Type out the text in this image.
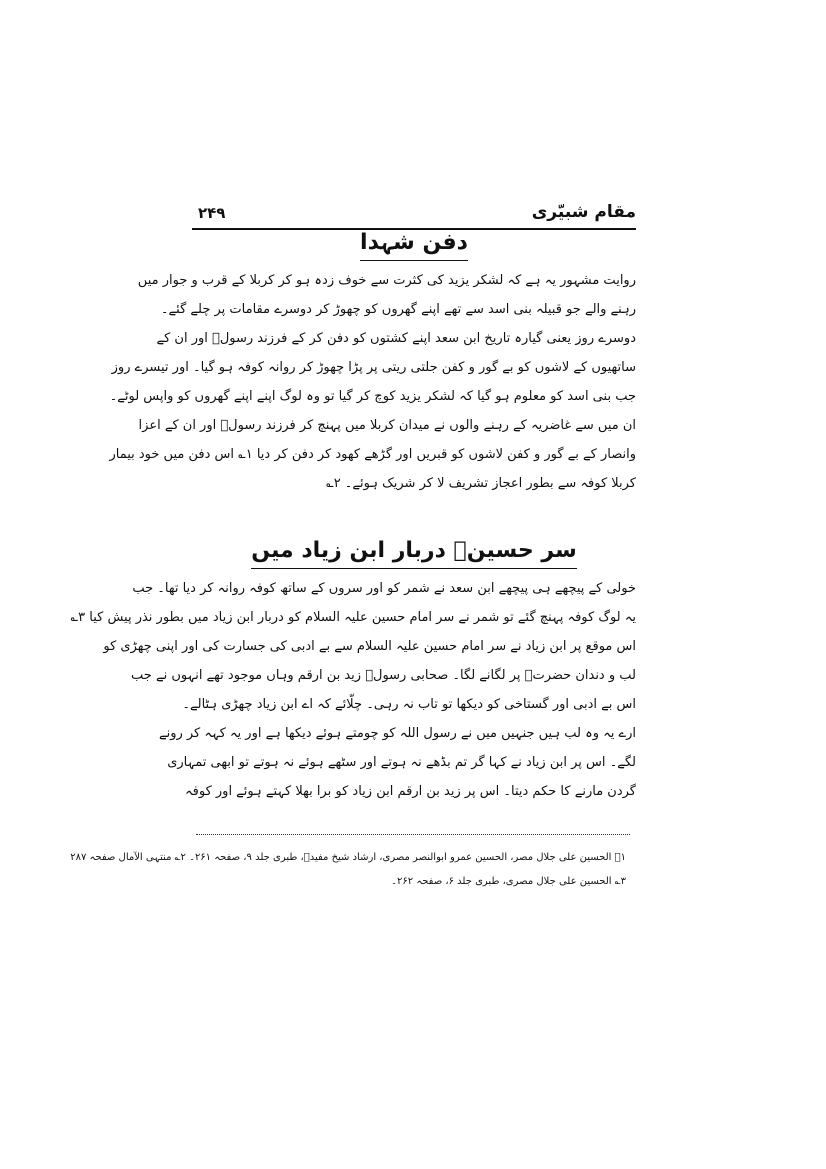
مقام شبیّری
۲۴۹
دفن شہدا
روایت مشہور یہ ہے کہ لشکر یزید کی کثرت سے خوف زدہ ہو کر کربلا کے قرب و جوار میں
رہنے والے جو قبیلہ بنی اسد سے تھے اپنے گھروں کو چھوڑ کر دوسرے مقامات پر چلے گئے۔
دوسرے روز یعنی گیارہ تاریخ ابن سعد اپنے کشتوں کو دفن کر کے فرزند رسولؐ اور ان کے
ساتھیوں کے لاشوں کو بے گور و کفن جلتی ریتی پر پڑا چھوڑ کر روانہ کوفہ ہو گیا۔ اور تیسرے روز
جب بنی اسد کو معلوم ہو گیا کہ لشکر یزید کوچ کر گیا تو وہ لوگ اپنے اپنے گھروں کو واپس لوٹے۔
ان میں سے غاضریہ کے رہنے والوں نے میدان کربلا میں پہنچ کر فرزند رسولؐ اور ان کے اعزا
وانصار کے بے گور و کفن لاشوں کو قبریں اور گڑھے کھود کر دفن کر دیا ۱؎ اس دفن میں خود بیمار
کربلا کوفہ سے بطور اعجاز تشریف لا کر شریک ہوئے۔ ۲؎
سر حسینؑ دربار ابن زیاد میں
خولی کے پیچھے ہی پیچھے ابن سعد نے شمر کو اور سروں کے ساتھ کوفہ روانہ کر دیا تھا۔ جب
یہ لوگ کوفہ پہنچ گئے تو شمر نے سر امام حسین علیہ السلام کو دربار ابن زیاد میں بطور نذر پیش کیا ۳؎
اس موقع پر ابن زیاد نے سر امام حسین علیہ السلام سے بے ادبی کی جسارت کی اور اپنی چھڑی کو
لب و دندان حضرتؑ پر لگانے لگا۔ صحابی رسولؐ زید بن ارقم وہاں موجود تھے انہوں نے جب
اس بے ادبی اور گستاخی کو دیکھا تو تاب نہ رہی۔ چلّائے کہ اے ابن زیاد چھڑی ہٹالے۔
ارے یہ وہ لب ہیں جنہیں میں نے رسول اللہ کو چومتے ہوئے دیکھا ہے اور یہ کہہ کر رونے
لگے۔ اس پر ابن زیاد نے کہا گر تم بڈھے نہ ہوتے اور سٹھے ہوئے نہ ہوتے تو ابھی تمہاری
گردن مارنے کا حکم دیتا۔ اس پر زید بن ارقم ابن زیاد کو برا بھلا کہتے ہوئے اور کوفہ
۱؎ الحسین علی جلال مصر، الحسین عمرو ابوالنصر مصری، ارشاد شیخ مفیدؒ، طبری جلد ۹، صفحہ ۲۶۱۔ ۲؎ منتہی الآمال صفحہ ۲۸۷
۳؎ الحسین علی جلال مصری، طبری جلد ۶، صفحہ ۲۶۲۔
